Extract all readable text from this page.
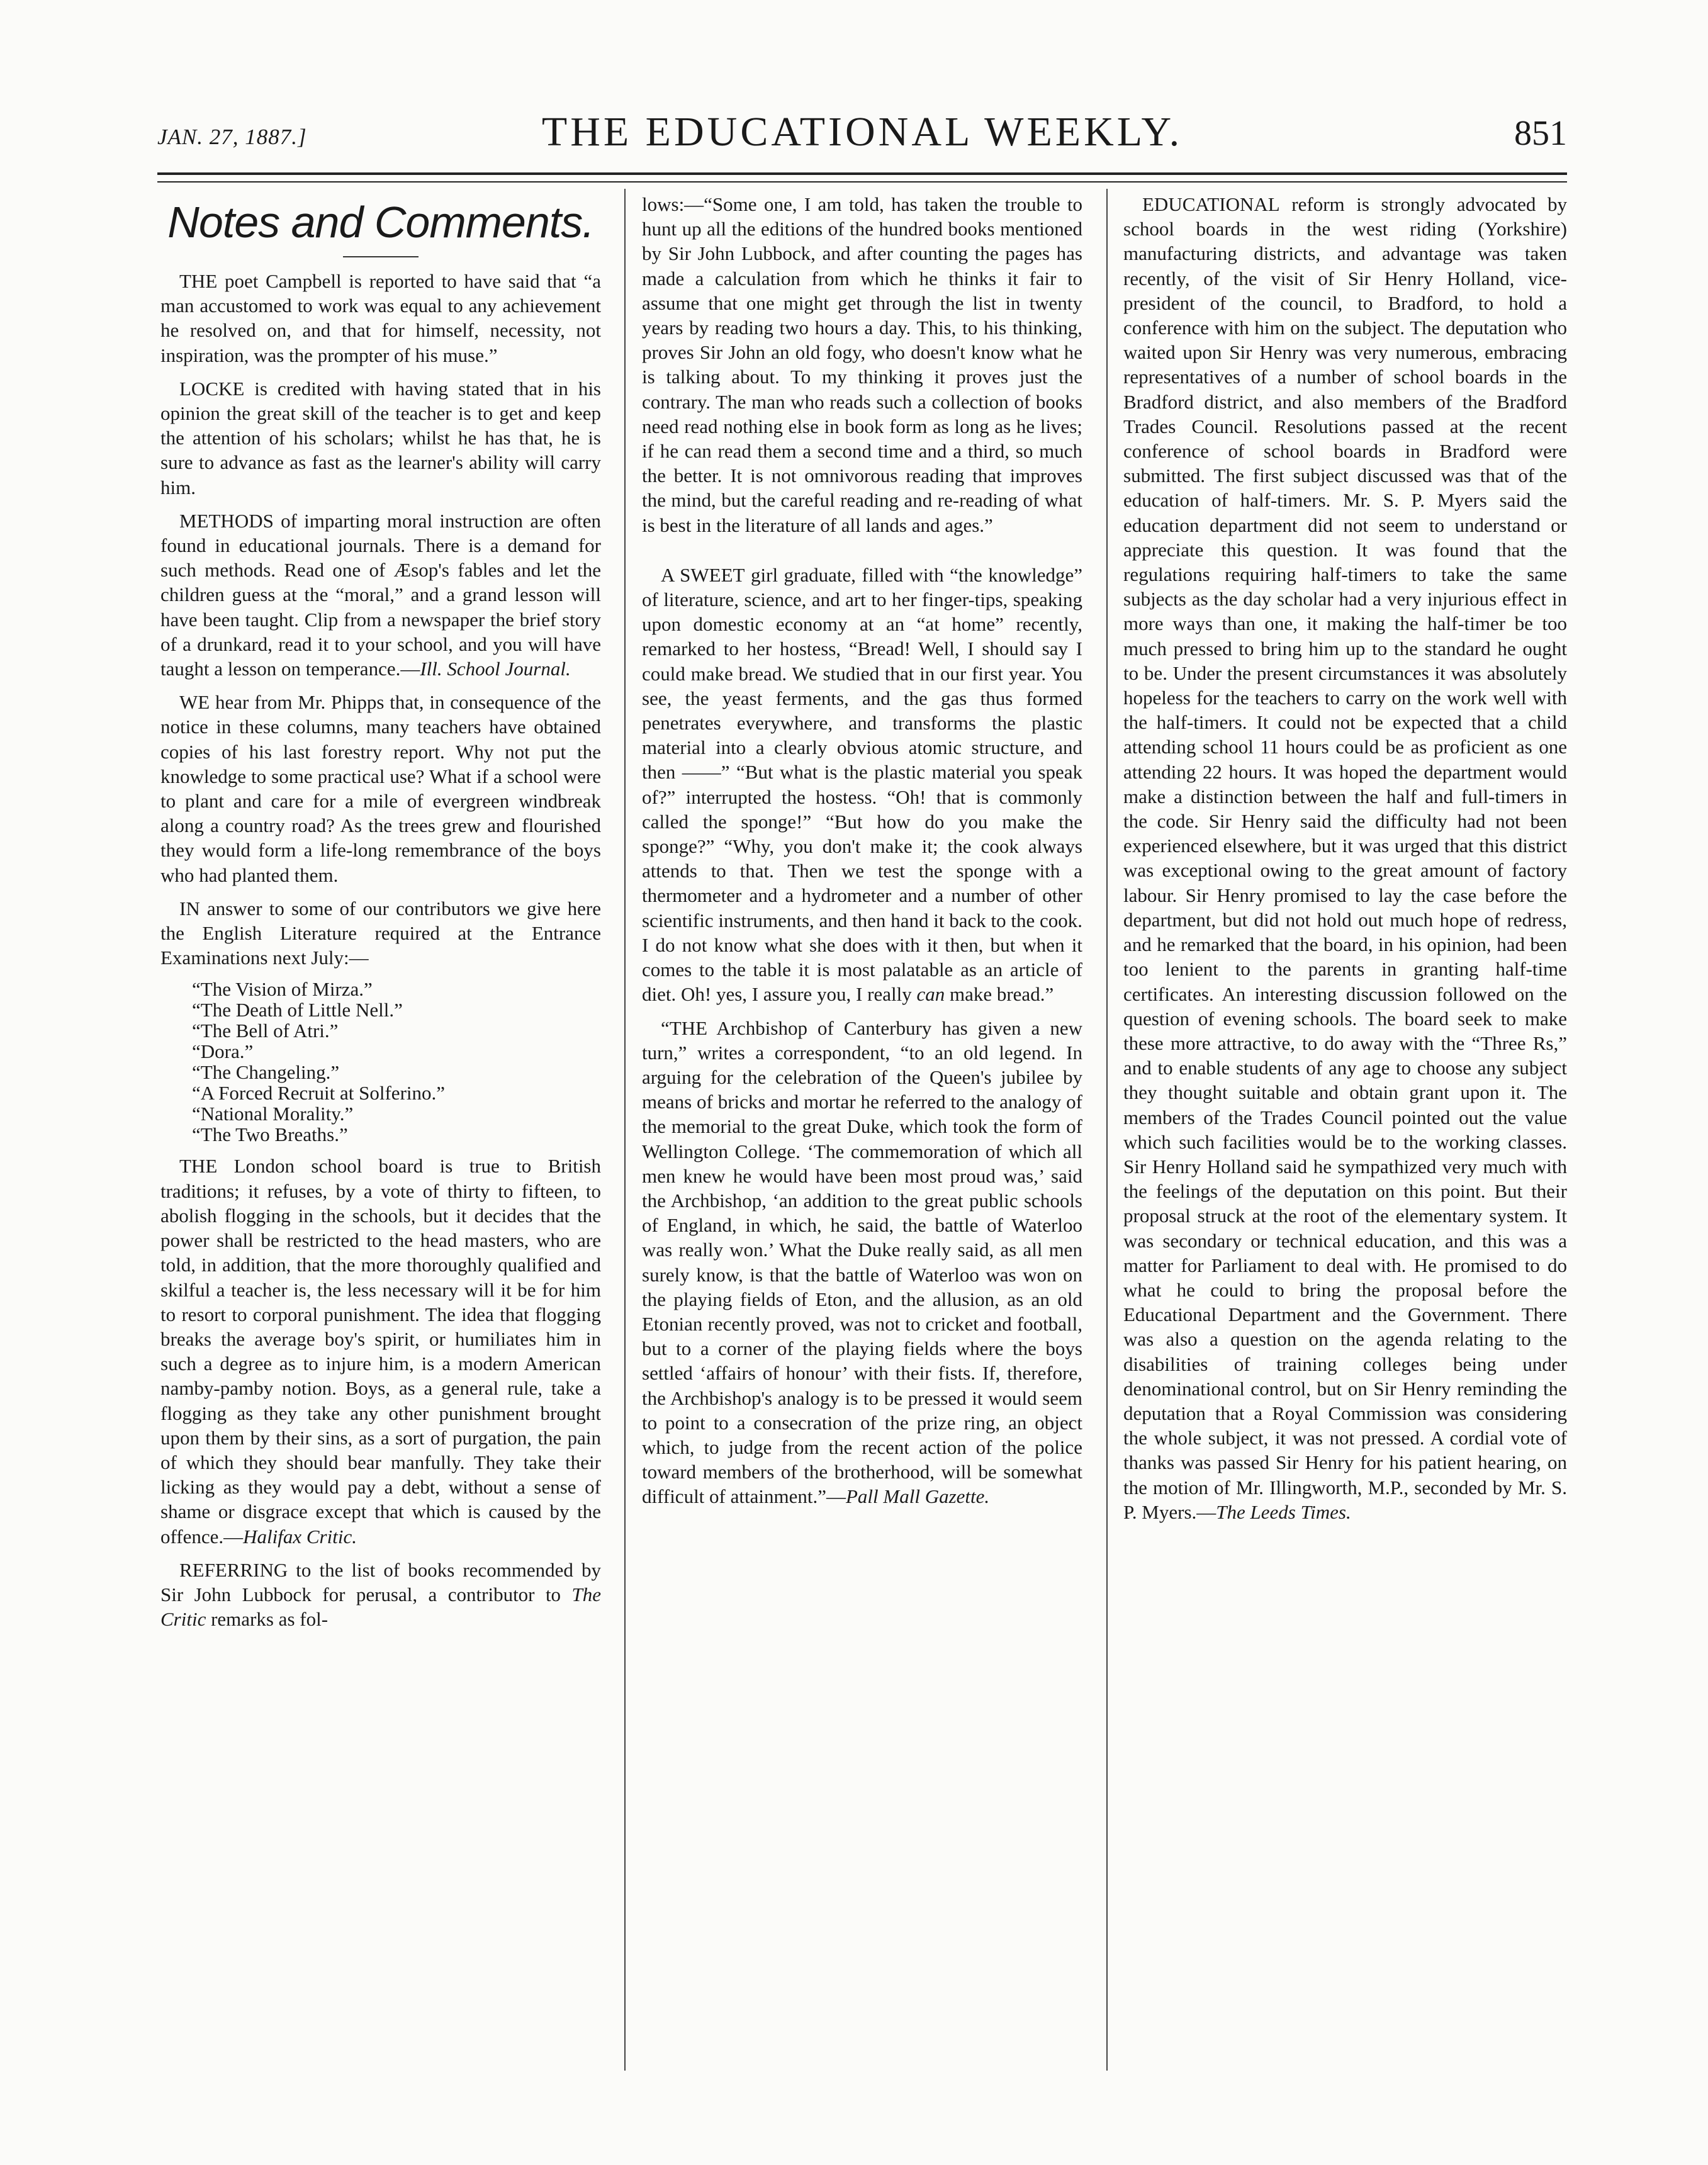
JAN. 27, 1887.]	THE EDUCATIONAL WEEKLY.	851
Notes and Comments.

THE poet Campbell is reported to have said that “a man accustomed to work was equal to any achievement he resolved on, and that for himself, necessity, not inspiration, was the prompter of his muse.”

LOCKE is credited with having stated that in his opinion the great skill of the teacher is to get and keep the attention of his scholars; whilst he has that, he is sure to advance as fast as the learner's ability will carry him.

METHODS of imparting moral instruction are often found in educational journals. There is a demand for such methods. Read one of Æsop's fables and let the children guess at the “moral,” and a grand lesson will have been taught. Clip from a newspaper the brief story of a drunkard, read it to your school, and you will have taught a lesson on temperance.—Ill. School Journal.

WE hear from Mr. Phipps that, in consequence of the notice in these columns, many teachers have obtained copies of his last forestry report. Why not put the knowledge to some practical use? What if a school were to plant and care for a mile of evergreen windbreak along a country road? As the trees grew and flourished they would form a life-long remembrance of the boys who had planted them.

IN answer to some of our contributors we give here the English Literature required at the Entrance Examinations next July:—

“The Vision of Mirza.”
“The Death of Little Nell.”
“The Bell of Atri.”
“Dora.”
“The Changeling.”
“A Forced Recruit at Solferino.”
“National Morality.”
“The Two Breaths.”

THE London school board is true to British traditions; it refuses, by a vote of thirty to fifteen, to abolish flogging in the schools, but it decides that the power shall be restricted to the head masters, who are told, in addition, that the more thoroughly qualified and skilful a teacher is, the less necessary will it be for him to resort to corporal punishment. The idea that flogging breaks the average boy's spirit, or humiliates him in such a degree as to injure him, is a modern American namby-pamby notion. Boys, as a general rule, take a flogging as they take any other punishment brought upon them by their sins, as a sort of purgation, the pain of which they should bear manfully. They take their licking as they would pay a debt, without a sense of shame or disgrace except that which is caused by the offence.—Halifax Critic.

REFERRING to the list of books recommended by Sir John Lubbock for perusal, a contributor to The Critic remarks as fol-

lows:—“Some one, I am told, has taken the trouble to hunt up all the editions of the hundred books mentioned by Sir John Lubbock, and after counting the pages has made a calculation from which he thinks it fair to assume that one might get through the list in twenty years by reading two hours a day. This, to his thinking, proves Sir John an old fogy, who doesn't know what he is talking about. To my thinking it proves just the contrary. The man who reads such a collection of books need read nothing else in book form as long as he lives; if he can read them a second time and a third, so much the better. It is not omnivorous reading that improves the mind, but the careful reading and re-reading of what is best in the literature of all lands and ages.”

A SWEET girl graduate, filled with “the knowledge” of literature, science, and art to her finger-tips, speaking upon domestic economy at an “at home” recently, remarked to her hostess, “Bread! Well, I should say I could make bread. We studied that in our first year. You see, the yeast ferments, and the gas thus formed penetrates everywhere, and transforms the plastic material into a clearly obvious atomic structure, and then ——” “But what is the plastic material you speak of?” interrupted the hostess. “Oh! that is commonly called the sponge!” “But how do you make the sponge?” “Why, you don't make it; the cook always attends to that. Then we test the sponge with a thermometer and a hydrometer and a number of other scientific instruments, and then hand it back to the cook. I do not know what she does with it then, but when it comes to the table it is most palatable as an article of diet. Oh! yes, I assure you, I really can make bread.”

“THE Archbishop of Canterbury has given a new turn,” writes a correspondent, “to an old legend. In arguing for the celebration of the Queen's jubilee by means of bricks and mortar he referred to the analogy of the memorial to the great Duke, which took the form of Wellington College. ‘The commemoration of which all men knew he would have been most proud was,’ said the Archbishop, ‘an addition to the great public schools of England, in which, he said, the battle of Waterloo was really won.’ What the Duke really said, as all men surely know, is that the battle of Waterloo was won on the playing fields of Eton, and the allusion, as an old Etonian recently proved, was not to cricket and football, but to a corner of the playing fields where the boys settled ‘affairs of honour’ with their fists. If, therefore, the Archbishop's analogy is to be pressed it would seem to point to a consecration of the prize ring, an object which, to judge from the recent action of the police toward members of the brotherhood, will be somewhat difficult of attainment.”—Pall Mall Gazette.

EDUCATIONAL reform is strongly advocated by school boards in the west riding (Yorkshire) manufacturing districts, and advantage was taken recently, of the visit of Sir Henry Holland, vice-president of the council, to Bradford, to hold a conference with him on the subject. The deputation who waited upon Sir Henry was very numerous, embracing representatives of a number of school boards in the Bradford district, and also members of the Bradford Trades Council. Resolutions passed at the recent conference of school boards in Bradford were submitted. The first subject discussed was that of the education of half-timers. Mr. S. P. Myers said the education department did not seem to understand or appreciate this question. It was found that the regulations requiring half-timers to take the same subjects as the day scholar had a very injurious effect in more ways than one, it making the half-timer be too much pressed to bring him up to the standard he ought to be. Under the present circumstances it was absolutely hopeless for the teachers to carry on the work well with the half-timers. It could not be expected that a child attending school 11 hours could be as proficient as one attending 22 hours. It was hoped the department would make a distinction between the half and full-timers in the code. Sir Henry said the difficulty had not been experienced elsewhere, but it was urged that this district was exceptional owing to the great amount of factory labour. Sir Henry promised to lay the case before the department, but did not hold out much hope of redress, and he remarked that the board, in his opinion, had been too lenient to the parents in granting half-time certificates. An interesting discussion followed on the question of evening schools. The board seek to make these more attractive, to do away with the “Three Rs,” and to enable students of any age to choose any subject they thought suitable and obtain grant upon it. The members of the Trades Council pointed out the value which such facilities would be to the working classes. Sir Henry Holland said he sympathized very much with the feelings of the deputation on this point. But their proposal struck at the root of the elementary system. It was secondary or technical education, and this was a matter for Parliament to deal with. He promised to do what he could to bring the proposal before the Educational Department and the Government. There was also a question on the agenda relating to the disabilities of training colleges being under denominational control, but on Sir Henry reminding the deputation that a Royal Commission was considering the whole subject, it was not pressed. A cordial vote of thanks was passed Sir Henry for his patient hearing, on the motion of Mr. Illingworth, M.P., seconded by Mr. S. P. Myers.—The Leeds Times.
